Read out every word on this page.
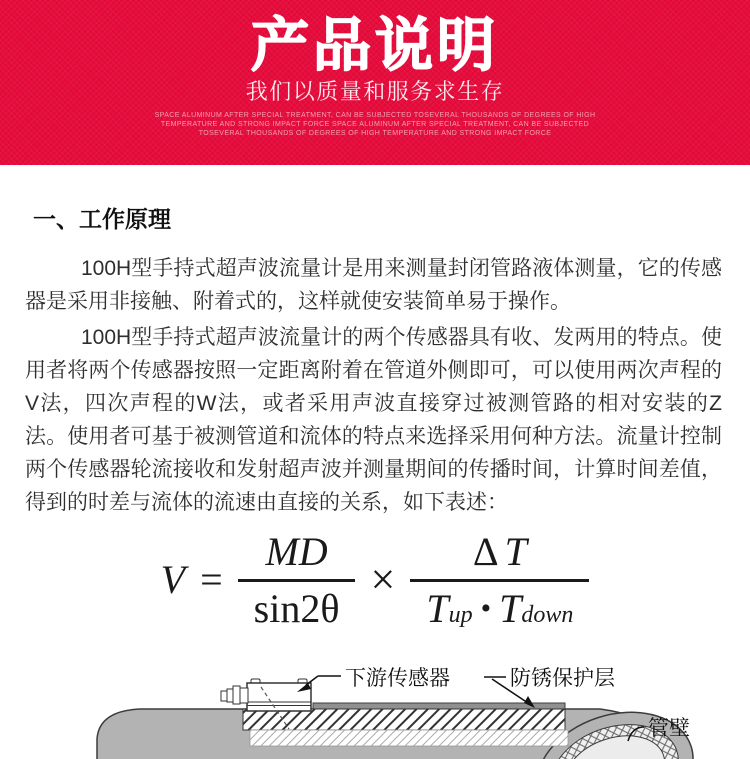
产品说明
我们以质量和服务求生存
SPACE ALUMINUM AFTER SPECIAL TREATMENT, CAN BE SUBJECTED TOSEVERAL THOUSANDS OF DEGREES OF HIGH
TEMPERATURE AND STRONG IMPACT FORCE SPACE ALUMINUM AFTER SPECIAL TREATMENT, CAN BE SUBJECTED
TOSEVERAL THOUSANDS OF DEGREES OF HIGH TEMPERATURE AND STRONG IMPACT FORCE
一、工作原理

100H型手持式超声波流量计是用来测量封闭管路液体测量，它的传感器是采用非接触、附着式的，这样就使安装简单易于操作。

100H型手持式超声波流量计的两个传感器具有收、发两用的特点。使用者将两个传感器按照一定距离附着在管道外侧即可，可以使用两次声程的V法，四次声程的W法，或者采用声波直接穿过被测管路的相对安装的Z法。使用者可基于被测管道和流体的特点来选择采用何种方法。流量计控制两个传感器轮流接收和发射超声波并测量期间的传播时间，计算时间差值，得到的时差与流体的流速由直接的关系，如下表述：

$V = \frac{MD}{\sin 2\theta} \times \frac{\Delta T}{\text{T up • T down}}$
下游传感器	防锈保护层
管壁
